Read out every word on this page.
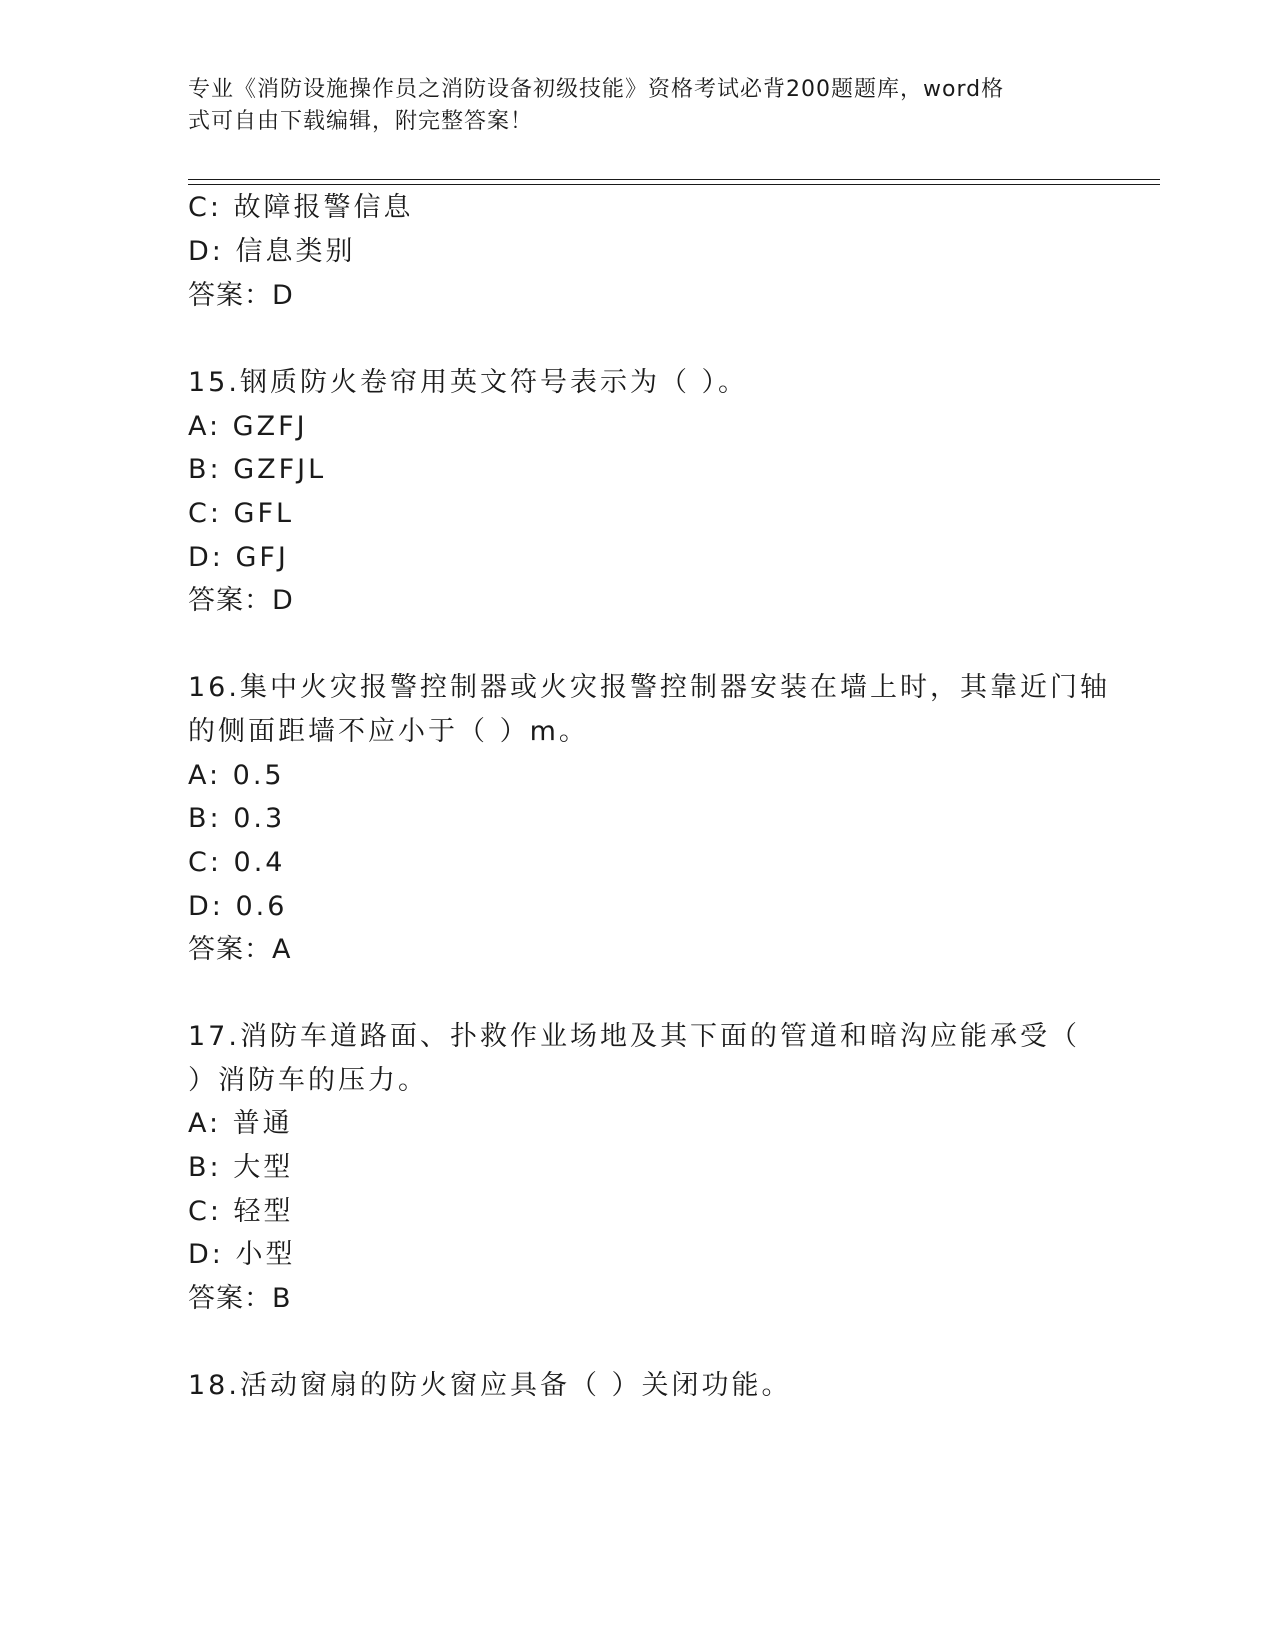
专业《消防设施操作员之消防设备初级技能》资格考试必背200题题库，word格
式可自由下载编辑，附完整答案！
C: 故障报警信息
D: 信息类别
答案：D
15.钢质防火卷帘用英文符号表示为（ ）。
A: GZFJ
B: GZFJL
C: GFL
D: GFJ
答案：D
16.集中火灾报警控制器或火灾报警控制器安装在墙上时，其靠近门轴
的侧面距墙不应小于（ ）m。
A: 0.5
B: 0.3
C: 0.4
D: 0.6
答案：A
17.消防车道路面、扑救作业场地及其下面的管道和暗沟应能承受（
）消防车的压力。
A: 普通
B: 大型
C: 轻型
D: 小型
答案：B
18.活动窗扇的防火窗应具备（ ）关闭功能。
